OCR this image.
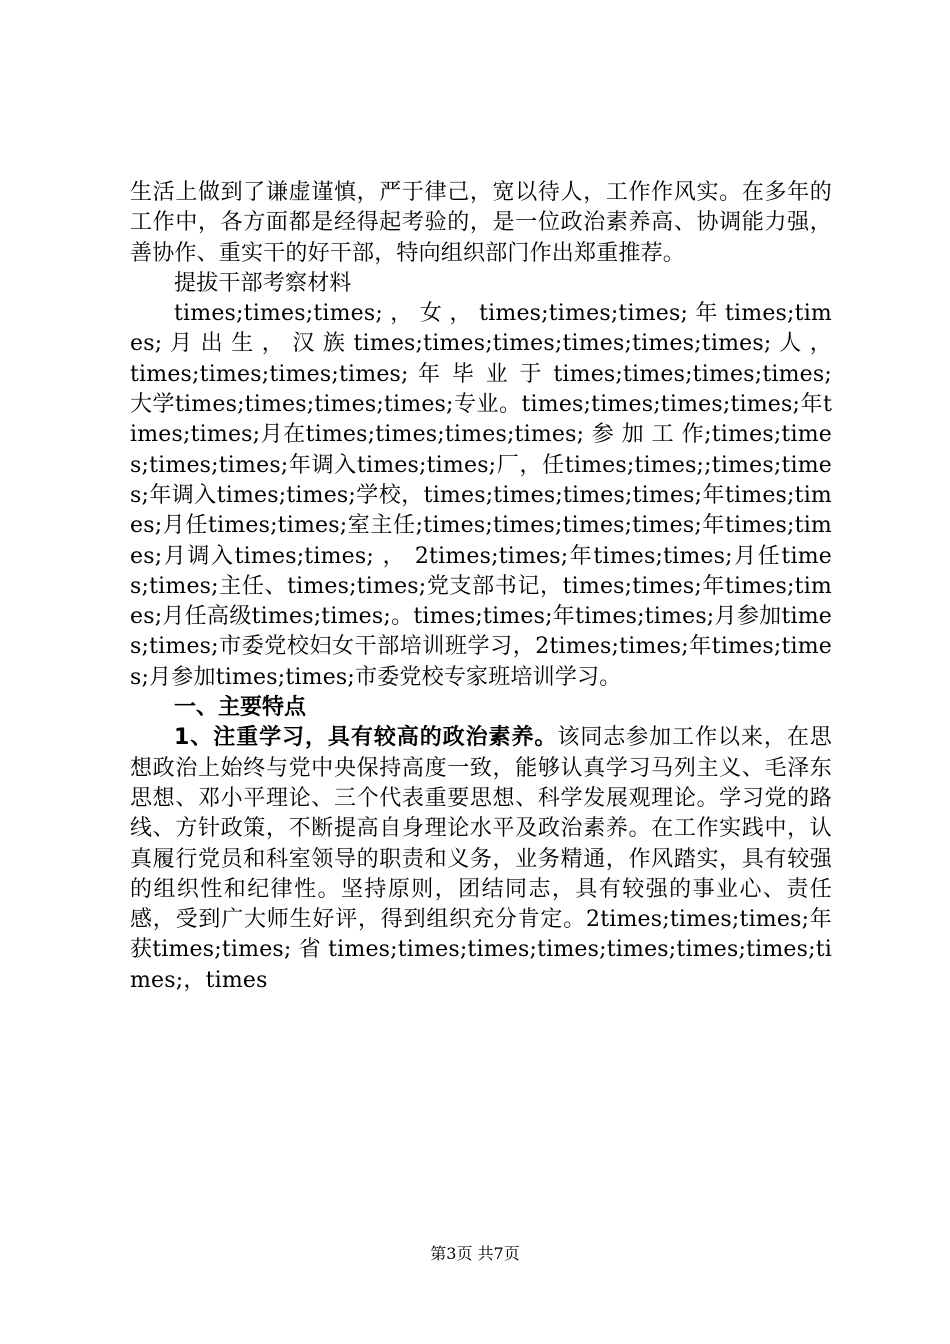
生活上做到了谦虚谨慎，严于律己，宽以待人，工作作风实。在多年的工作中，各方面都是经得起考验的，是一位政治素养高、协调能力强，善协作、重实干的好干部，特向组织部门作出郑重推荐。

提拔干部考察材料

times;times;times; ， 女 ， times;times;times; 年 times;times; 月 出 生 ， 汉 族 times;times;times;times;times;times; 人 ， times;times;times;times; 年 毕 业 于 times;times;times;times;大学times;times;times;times;专业。times;times;times;times;年times;times;月在times;times;times;times; 参 加 工 作;times;times;times;times;年调入times;times;厂，任times;times;;times;times;年调入times;times;学校，times;times;times;times;年times;times;月任times;times;室主任;times;times;times;times;年times;times;月调入times;times; ， 2times;times;年times;times;月任times;times;主任、times;times;党支部书记，times;times;年times;times;月任高级times;times;。times;times;年times;times;月参加times;times;市委党校妇女干部培训班学习，2times;times;年times;times;月参加times;times;市委党校专家班培训学习。

一、主要特点

1、注重学习，具有较高的政治素养。该同志参加工作以来，在思想政治上始终与党中央保持高度一致，能够认真学习马列主义、毛泽东思想、邓小平理论、三个代表重要思想、科学发展观理论。学习党的路线、方针政策，不断提高自身理论水平及政治素养。在工作实践中，认真履行党员和科室领导的职责和义务，业务精通，作风踏实，具有较强的组织性和纪律性。坚持原则，团结同志，具有较强的事业心、责任感，受到广大师生好评，得到组织充分肯定。2times;times;times;年获times;times; 省 times;times;times;times;times;times;times;times;，times

第3页 共7页
